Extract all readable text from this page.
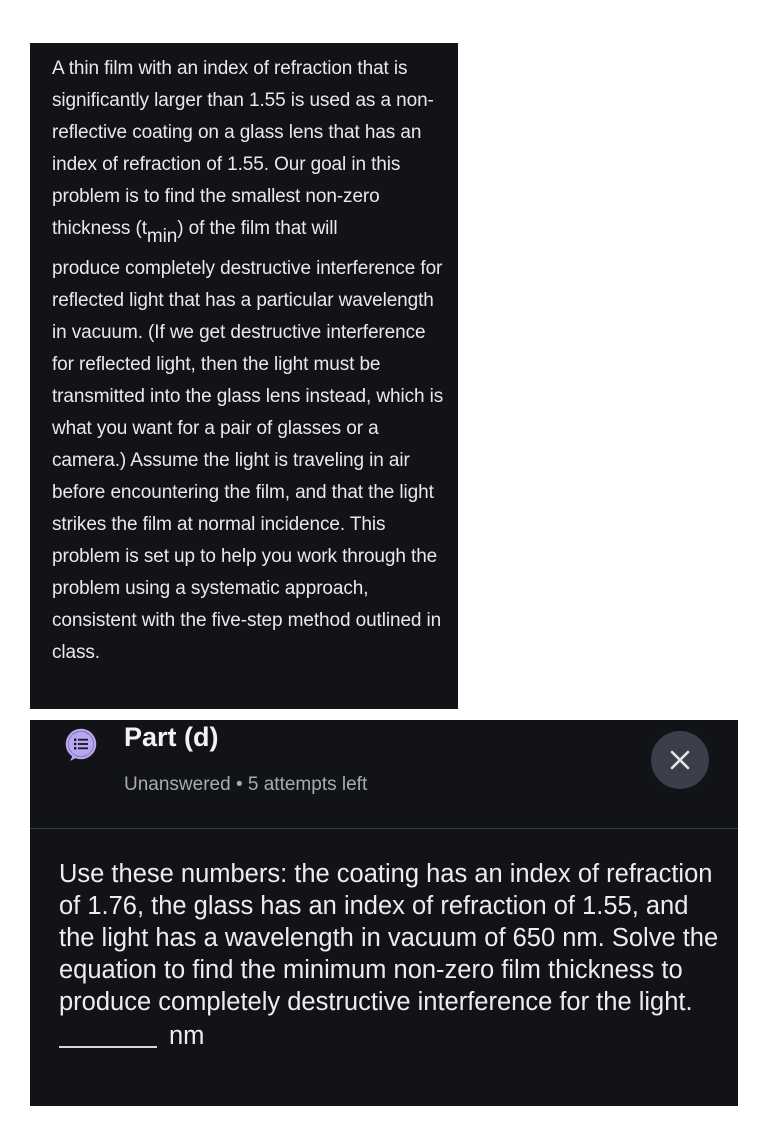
A thin film with an index of refraction that is significantly larger than 1.55 is used as a non-reflective coating on a glass lens that has an index of refraction of 1.55. Our goal in this problem is to find the smallest non-zero thickness (tmin) of the film that will

produce completely destructive interference for reflected light that has a particular wavelength in vacuum. (If we get destructive interference for reflected light, then the light must be transmitted into the glass lens instead, which is what you want for a pair of glasses or a camera.) Assume the light is traveling in air before encountering the film, and that the light strikes the film at normal incidence. This problem is set up to help you work through the problem using a systematic approach, consistent with the five-step method outlined in class.

Part (d)
Unanswered • 5 attempts left
Use these numbers: the coating has an index of refraction of 1.76, the glass has an index of refraction of 1.55, and the light has a wavelength in vacuum of 650 nm. Solve the equation to find the minimum non-zero film thickness to produce completely destructive interference for the light.
nm
